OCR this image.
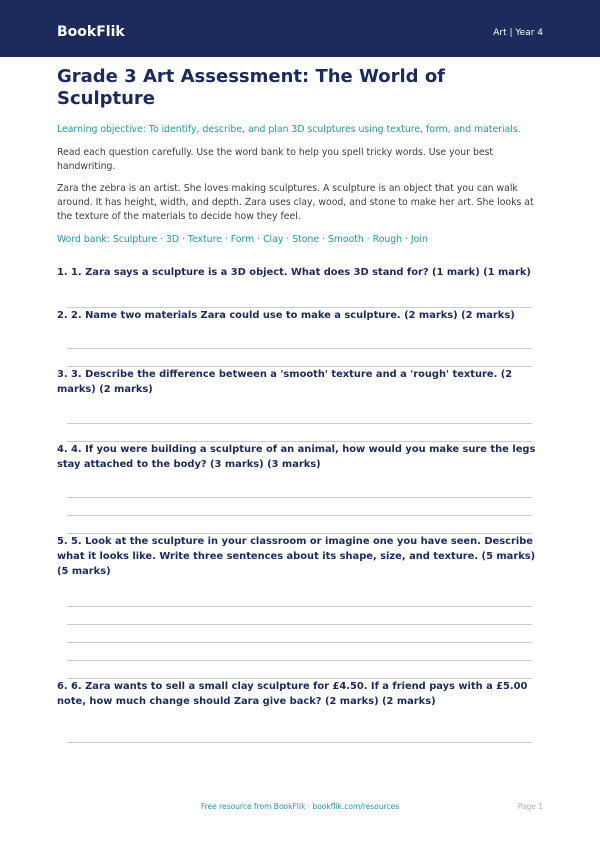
BookFlik	Art | Year 4
Grade 3 Art Assessment: The World of Sculpture

Learning objective: To identify, describe, and plan 3D sculptures using texture, form, and materials.

Read each question carefully. Use the word bank to help you spell tricky words. Use your best handwriting.

Zara the zebra is an artist. She loves making sculptures. A sculpture is an object that you can walk around. It has height, width, and depth. Zara uses clay, wood, and stone to make her art. She looks at the texture of the materials to decide how they feel.

Word bank: Sculpture · 3D · Texture · Form · Clay · Stone · Smooth · Rough · Join

1. 1. Zara says a sculpture is a 3D object. What does 3D stand for? (1 mark) (1 mark)
2. 2. Name two materials Zara could use to make a sculpture. (2 marks) (2 marks)
3. 3. Describe the difference between a 'smooth' texture and a 'rough' texture. (2 marks) (2 marks)
4. 4. If you were building a sculpture of an animal, how would you make sure the legs stay attached to the body? (3 marks) (3 marks)
5. 5. Look at the sculpture in your classroom or imagine one you have seen. Describe what it looks like. Write three sentences about its shape, size, and texture. (5 marks) (5 marks)
6. 6. Zara wants to sell a small clay sculpture for £4.50. If a friend pays with a £5.00 note, how much change should Zara give back? (2 marks) (2 marks)
Free resource from BookFlik · bookflik.com/resources	Page 1
